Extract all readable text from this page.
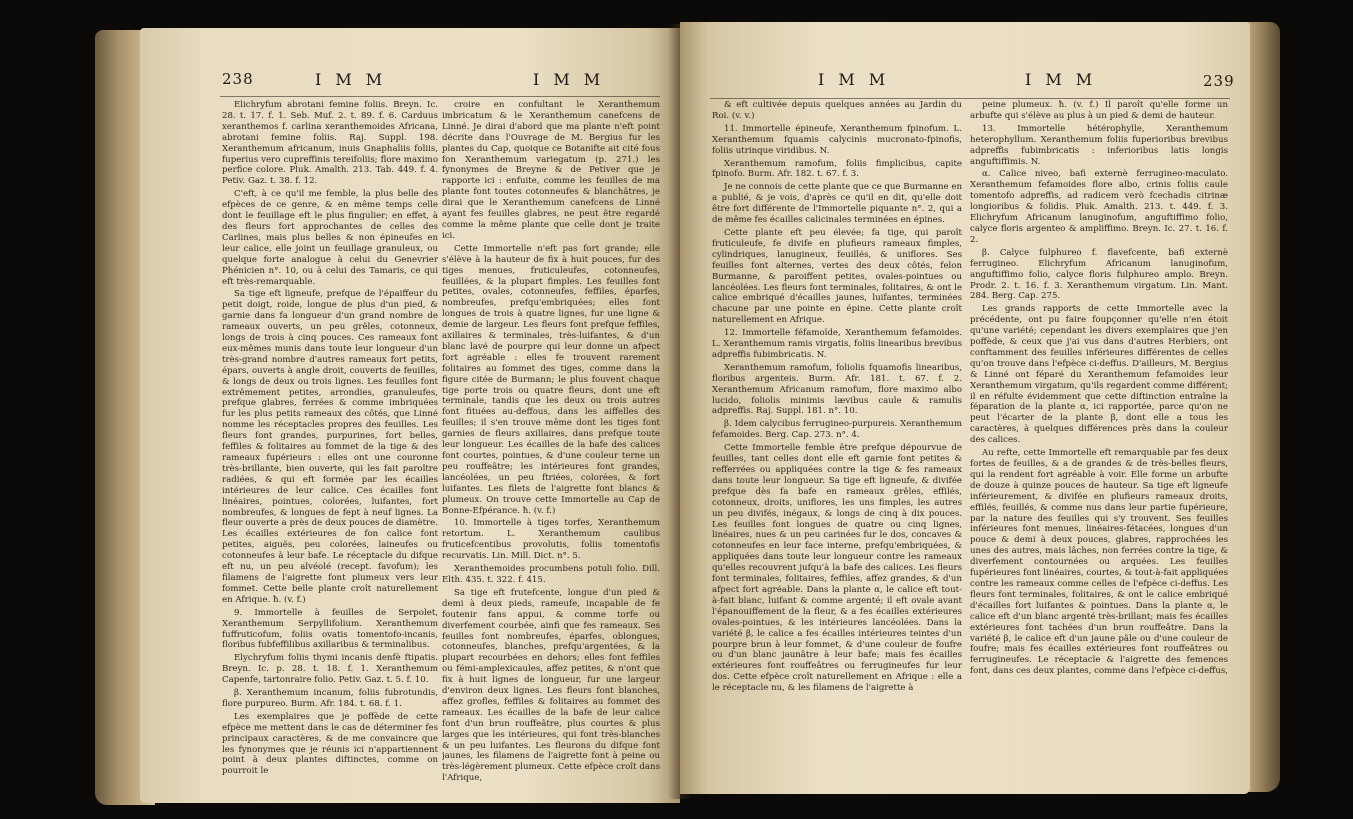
238	IMM	IMM

Elichryfum abrotani femine foliis. Breyn. Ic. 28. t. 17. f. 1. Seb. Muf. 2. t. 89. f. 6. Carduus xeranthemos f. carlina xeranthemoides Africana, abrotani femine foliis. Raj. Suppl. 198. Xeranthemum africanum, inuis Gnaphaliis foliis, fuperius vero cupreffinis tereifoliis; flore maximo perfice colore. Pluk. Amalth. 213. Tab. 449. f. 4. Petiv. Gaz. t. 38. f. 12.

C'eft, à ce qu'il me femble, la plus belle des efpèces de ce genre, & en même temps celle dont le feuillage eft le plus fingulier; en effet, à des fleurs fort approchantes de celles des Carlines, mais plus belles & non épineufes en leur calice, elle joint un feuillage granuleux, ou quelque forte analogue à celui du Genevrier Phénicien n°. 10, ou à celui des Tamaris, ce qui eft très-remarquable.

Sa tige eft ligneufe, prefque de l'épaiffeur du petit doigt, roide, longue de plus d'un pied, & garnie dans fa longueur d'un grand nombre de rameaux ouverts, un peu grêles, cotonneux, longs de trois à cinq pouces. Ces rameaux font eux-mêmes munis dans toute leur longueur d'un très-grand nombre d'autres rameaux fort petits, épars, ouverts à angle droit, couverts de feuilles, & longs de deux ou trois lignes. Les feuilles font extrêmement petites, arrondies, granuleufes, prefque glabres, ferrées & comme imbriquées fur les plus petits rameaux des côtés, que Linné nomme les réceptacles propres des feuilles. Les fleurs font grandes, purpurines, fort belles, feffiles & folitaires au fommet de la tige & des rameaux fupérieurs : elles ont une couronne très-brillante, bien ouverte, qui les fait paroître radiées, & qui eft formée par les écailles intérieures de leur calice. Ces écailles font linéaires, pointues, colorées, luifantes, fort nombreufes, & longues de fept à neuf lignes. La fleur ouverte a près de deux pouces de diamètre. Les écailles extérieures de fon calice font petites, aiguës, peu colorées, laineufes ou cotonneufes à leur bafe. Le réceptacle du difque eft nu, un peu alvéolé (recept. favofum); les filamens de l'aigrette font plumeux vers leur fommet. Cette belle plante croît naturellement en Afrique. ħ. (v. f.)

9. Immortelle à feuilles de Serpolet, Xeranthemum Serpyllifolium. Xeranthemum fuffruticofum, foliis ovatis tomentofo-incanis, floribus fubfeffilibus axillaribus & terminalibus.

Elychryfum foliis thymi incanis denfè ftipatis. Breyn. Ic. p. 28. t. 18. f. 1. Xeranthemum Capenfe, tartonraire folio. Petiv. Gaz. t. 5. f. 10.

β. Xeranthemum incanum, foliis fubrotundis, flore purpureo. Burm. Afr. 184. t. 68. f. 1.

Les exemplaires que je poffède de cette efpèce me mettent dans le cas de déterminer fes principaux caractères, & de me convaincre que les fynonymes que je réunis ici n'appartiennent point à deux plantes diftinctes, comme on pourroit le

croire en confultant le Xeranthemum imbricatum & le Xeranthemum canefcens de Linné. Je dirai d'abord que ma plante n'eft point décrite dans l'Ouvrage de M. Bergius fur les plantes du Cap, quoique ce Botanifte ait cité fous fon Xeranthemum variegatum (p. 271.) les fynonymes de Breyne & de Petiver que je rapporte ici : enfuite, comme les feuilles de ma plante font toutes cotonneufes & blanchâtres, je dirai que le Xeranthemum canefcens de Linné ayant fes feuilles glabres, ne peut être regardé comme la même plante que celle dont je traite ici.

Cette Immortelle n'eft pas fort grande; elle s'élève à la hauteur de fix à huit pouces, fur des tiges menues, fruticuleufes, cotonneufes, feuillées, & la plupart fimples. Les feuilles font petites, ovales, cotonneufes, feffiles, éparfes, nombreufes, prefqu'embriquées; elles font longues de trois à quatre lignes, fur une ligne & demie de largeur. Les fleurs font prefque feffiles, axillaires & terminales, très-luifantes, & d'un blanc lavé de pourpre qui leur donne un afpect fort agréable : elles fe trouvent rarement folitaires au fommet des tiges, comme dans la figure citée de Burmann; le plus fouvent chaque tige porte trois ou quatre fleurs, dont une eft terminale, tandis que les deux ou trois autres font fituées au-deffous, dans les aiffelles des feuilles; il s'en trouve même dont les tiges font garnies de fleurs axillaires, dans prefque toute leur longueur. Les écailles de la bafe des calices font courtes, pointues, & d'une couleur terne un peu rouffeâtre; les intérieures font grandes, lancéolées, un peu ftriées, colorées, & fort luifantes. Les filets de l'aigrette font blancs & plumeux. On trouve cette Immortelle au Cap de Bonne-Efpérance. ħ. (v. f.)

10. Immortelle à tiges torfes, Xeranthemum retortum. L. Xeranthemum caulibus fruticefcentibus provolutis, foliis tomentofis recurvatis. Lin. Mill. Dict. n°. 5.

Xeranthemoides procumbens potuli folio. Dill. Elth. 435. t. 322. f. 415.

Sa tige eft frutefcente, longue d'un pied & demi à deux pieds, rameufe, incapable de fe foutenir fans appui, & comme torfe ou diverfement courbée, ainfi que fes rameaux. Ses feuilles font nombreufes, éparfes, oblongues, cotonneufes, blanches, prefqu'argentées, & la plupart recourbées en dehors; elles font feffiles ou fémi-amplexicaules, affez petites, & n'ont que fix à huit lignes de longueur, fur une largeur d'environ deux lignes. Les fleurs font blanches, affez grofles, feffiles & folitaires au fommet des rameaux. Les écailles de la bafe de leur calice font d'un brun rouffeâtre, plus courtes & plus larges que les intérieures, qui font très-blanches & un peu luifantes. Les fleurons du difque font jaunes, les filamens de l'aigrette font à peine ou très-légèrement plumeux. Cette efpèce croît dans l'Afrique,

IMM	IMM	239

& eft cultivée depuis quelques années au Jardin du Roi. (v. v.)

11. Immortelle épineufe, Xeranthemum fpinofum. L. Xeranthemum fquamis calycinis mucronato-fpinofis, foliis utrinque viridibus. N.

Xeranthemum ramofum, foliis fimplicibus, capite fpinofo. Burm. Afr. 182. t. 67. f. 3.

Je ne connois de cette plante que ce que Burmanne en a publié, & je vois, d'après ce qu'il en dit, qu'elle doit être fort différente de l'Immortelle piquante n°. 2, qui a de même fes écailles calicinales terminées en épines.

Cette plante eft peu élevée; fa tige, qui paroît fruticuleufe, fe divife en plufieurs rameaux fimples, cylindriques, lanugineux, feuillés, & uniflores. Ses feuilles font alternes, vertes des deux côtés, felon Burmanne, & paroiffent petites, ovales-pointues ou lancéolées. Les fleurs font terminales, folitaires, & ont le calice embriqué d'écailles jaunes, luifantes, terminées chacune par une pointe en épine. Cette plante croît naturellement en Afrique.

12. Immortelle féfamoïde, Xeranthemum fefamoides. L. Xeranthemum ramis virgatis, foliis linearibus brevibus adpreffis fubimbricatis. N.

Xeranthemum ramofum, foliolis fquamofis linearibus, floribus argenteis. Burm. Afr. 181. t. 67. f. 2. Xeranthemum Africanum ramofum, flore maximo albo lucido, foliolis minimis lævibus caule & ramulis adpreffis. Raj. Suppl. 181. n°. 10.

β. Idem calycibus ferrugineo-purpureis. Xeranthemum fefamoides. Berg. Cap. 273. n°. 4.

Cette Immortelle femble être prefque dépourvue de feuilles, tant celles dont elle eft garnie font petites & refferrées ou appliquées contre la tige & fes rameaux dans toute leur longueur. Sa tige eft ligneufe, & divifée prefque dès fa bafe en rameaux grêles, effilés, cotonneux, droits, uniflores, les uns fimples, les autres un peu divifés, inégaux, & longs de cinq à dix pouces. Les feuilles font longues de quatre ou cinq lignes, linéaires, nues & un peu carinées fur le dos, concaves & cotonneufes en leur face interne, prefqu'embriquées, & appliquées dans toute leur longueur contre les rameaux qu'elles recouvrent jufqu'à la bafe des calices. Les fleurs font terminales, folitaires, feffiles, affez grandes, & d'un afpect fort agréable. Dans la plante α, le calice eft tout-à-fait blanc, luifant & comme argenté; il eft ovale avant l'épanouiffement de la fleur, & a fes écailles extérieures ovales-pointues, & les intérieures lancéolées. Dans la variété β, le calice a fes écailles intérieures teintes d'un pourpre brun à leur fommet, & d'une couleur de foufre ou d'un blanc jaunâtre à leur bafe; mais fes écailles extérieures font rouffeâtres ou ferrugineufes fur leur dos. Cette efpèce croît naturellement en Afrique : elle a le réceptacle nu, & les filamens de l'aigrette à

peine plumeux. ħ. (v. f.) Il paroît qu'elle forme un arbufte qui s'élève au plus à un pied & demi de hauteur.

13. Immortelle hétérophylle, Xeranthemum heterophyllum. Xeranthemum foliis fuperioribus brevibus adpreffis fubimbricatis : inferioribus latis longis anguftiffimis. N.

α. Calice niveo, bafi externè ferrugineo-maculato. Xeranthemum fefamoides flore albo, crinis foliis caule tomentofo adpreffis, ad radicem verò fcechadis citrinæ longioribus & folidis. Pluk. Amalth. 213. t. 449. f. 3. Elichryfum Africanum lanuginofum, anguftiffimo folio, calyce floris argenteo & ampliffimo. Breyn. Ic. 27. t. 16. f. 2.

β. Calyce fulphureo f. flavefcente, bafi externè ferrugineo. Elichryfum Africanum lanuginofum, anguftiffimo folio, calyce floris fulphureo amplo. Breyn. Prodr. 2. t. 16. f. 3. Xeranthemum virgatum. Lin. Mant. 284. Berg. Cap. 275.

Les grands rapports de cette Immortelle avec la précédente, ont pu faire foupçonner qu'elle n'en étoit qu'une variété; cependant les divers exemplaires que j'en poffède, & ceux que j'ai vus dans d'autres Herbiers, ont conftamment des feuilles inférieures différentes de celles qu'on trouve dans l'efpèce ci-deffus. D'ailleurs, M. Bergius & Linné ont féparé du Xeranthemum fefamoides leur Xeranthemum virgatum, qu'ils regardent comme différent; il en réfulte évidemment que cette diftinction entraîne la féparation de la plante α, ici rapportée, parce qu'on ne peut l'écarter de la plante β, dont elle a tous les caractères, à quelques différences près dans la couleur des calices.

Au refte, cette Immortelle eft remarquable par fes deux fortes de feuilles, & a de grandes & de très-belles fleurs, qui la rendent fort agréable à voir. Elle forme un arbufte de douze à quinze pouces de hauteur. Sa tige eft ligneufe inférieurement, & divifée en plufieurs rameaux droits, effilés, feuillés, & comme nus dans leur partie fupérieure, par la nature des feuilles qui s'y trouvent. Ses feuilles inférieures font menues, linéaires-fétacées, longues d'un pouce & demi à deux pouces, glabres, rapprochées les unes des autres, mais lâches, non ferrées contre la tige, & diverfement contournées ou arquées. Les feuilles fupérieures font linéaires, courtes, & tout-à-fait appliquées contre les rameaux comme celles de l'efpèce ci-deffus. Les fleurs font terminales, folitaires, & ont le calice embriqué d'écailles fort luifantes & pointues. Dans la plante α, le calice eft d'un blanc argenté très-brillant; mais fes écailles extérieures font tachées d'un brun rouffeâtre. Dans la variété β, le calice eft d'un jaune pâle ou d'une couleur de foufre; mais fes écailles extérieures font rouffeâtres ou ferrugineufes. Le réceptacle & l'aigrette des femences font, dans ces deux plantes, comme dans l'efpèce ci-deffus,
